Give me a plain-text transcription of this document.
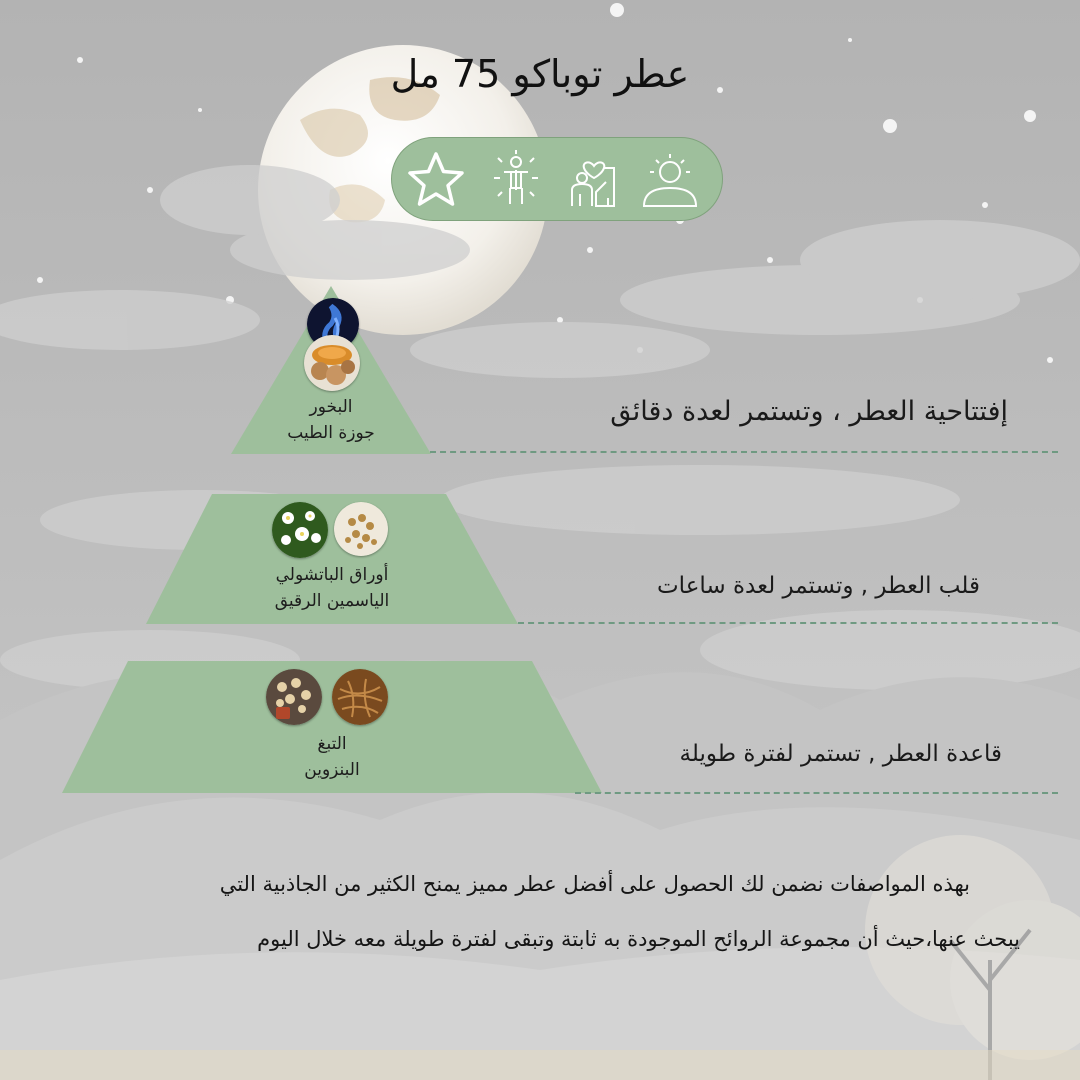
عطر توباكو 75 مل
البخور
جوزة الطيب
إفتتاحية العطر ، وتستمر لعدة دقائق
أوراق الباتشولي
الياسمين الرقيق
قلب العطر , وتستمر لعدة ساعات
التبغ
البنزوين
قاعدة العطر , تستمر لفترة طويلة
بهذه المواصفات نضمن لك الحصول على أفضل عطر مميز يمنح الكثير من الجاذبية التي
يبحث عنها،حيث أن مجموعة الروائح الموجودة به ثابتة وتبقى لفترة طويلة معه خلال اليوم
